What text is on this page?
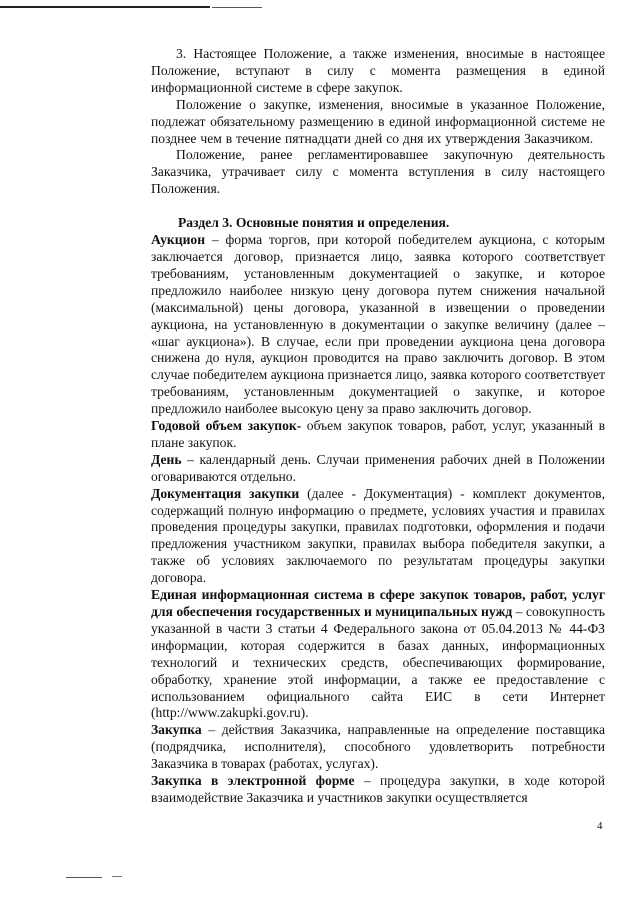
3. Настоящее Положение, а также изменения, вносимые в настоящее Положение, вступают в силу с момента размещения в единой информационной системе в сфере закупок.

Положение о закупке, изменения, вносимые в указанное Положение, подлежат обязательному размещению в единой информационной системе не позднее чем в течение пятнадцати дней со дня их утверждения Заказчиком.

Положение, ранее регламентировавшее закупочную деятельность Заказчика, утрачивает силу с момента вступления в силу настоящего Положения.

Раздел 3. Основные понятия и определения.

Аукцион – форма торгов, при которой победителем аукциона, с которым заключается договор, признается лицо, заявка которого соответствует требованиям, установленным документацией о закупке, и которое предложило наиболее низкую цену договора путем снижения начальной (максимальной) цены договора, указанной в извещении о проведении аукциона, на установленную в документации о закупке величину (далее – «шаг аукциона»). В случае, если при проведении аукциона цена договора снижена до нуля, аукцион проводится на право заключить договор. В этом случае победителем аукциона признается лицо, заявка которого соответствует требованиям, установленным документацией о закупке, и которое предложило наиболее высокую цену за право заключить договор.

Годовой объем закупок- объем закупок товаров, работ, услуг, указанный в плане закупок.

День – календарный день. Случаи применения рабочих дней в Положении оговариваются отдельно.

Документация закупки (далее - Документация) - комплект документов, содержащий полную информацию о предмете, условиях участия и правилах проведения процедуры закупки, правилах подготовки, оформления и подачи предложения участником закупки, правилах выбора победителя закупки, а также об условиях заключаемого по результатам процедуры закупки договора.

Единая информационная система в сфере закупок товаров, работ, услуг для обеспечения государственных и муниципальных нужд – совокупность указанной в части 3 статьи 4 Федерального закона от 05.04.2013 № 44-ФЗ информации, которая содержится в базах данных, информационных технологий и технических средств, обеспечивающих формирование, обработку, хранение этой информации, а также ее предоставление с использованием официального сайта ЕИС в сети Интернет (http://www.zakupki.gov.ru).

Закупка – действия Заказчика, направленные на определение поставщика (подрядчика, исполнителя), способного удовлетворить потребности Заказчика в товарах (работах, услугах).

Закупка в электронной форме – процедура закупки, в ходе которой взаимодействие Заказчика и участников закупки осуществляется

4
